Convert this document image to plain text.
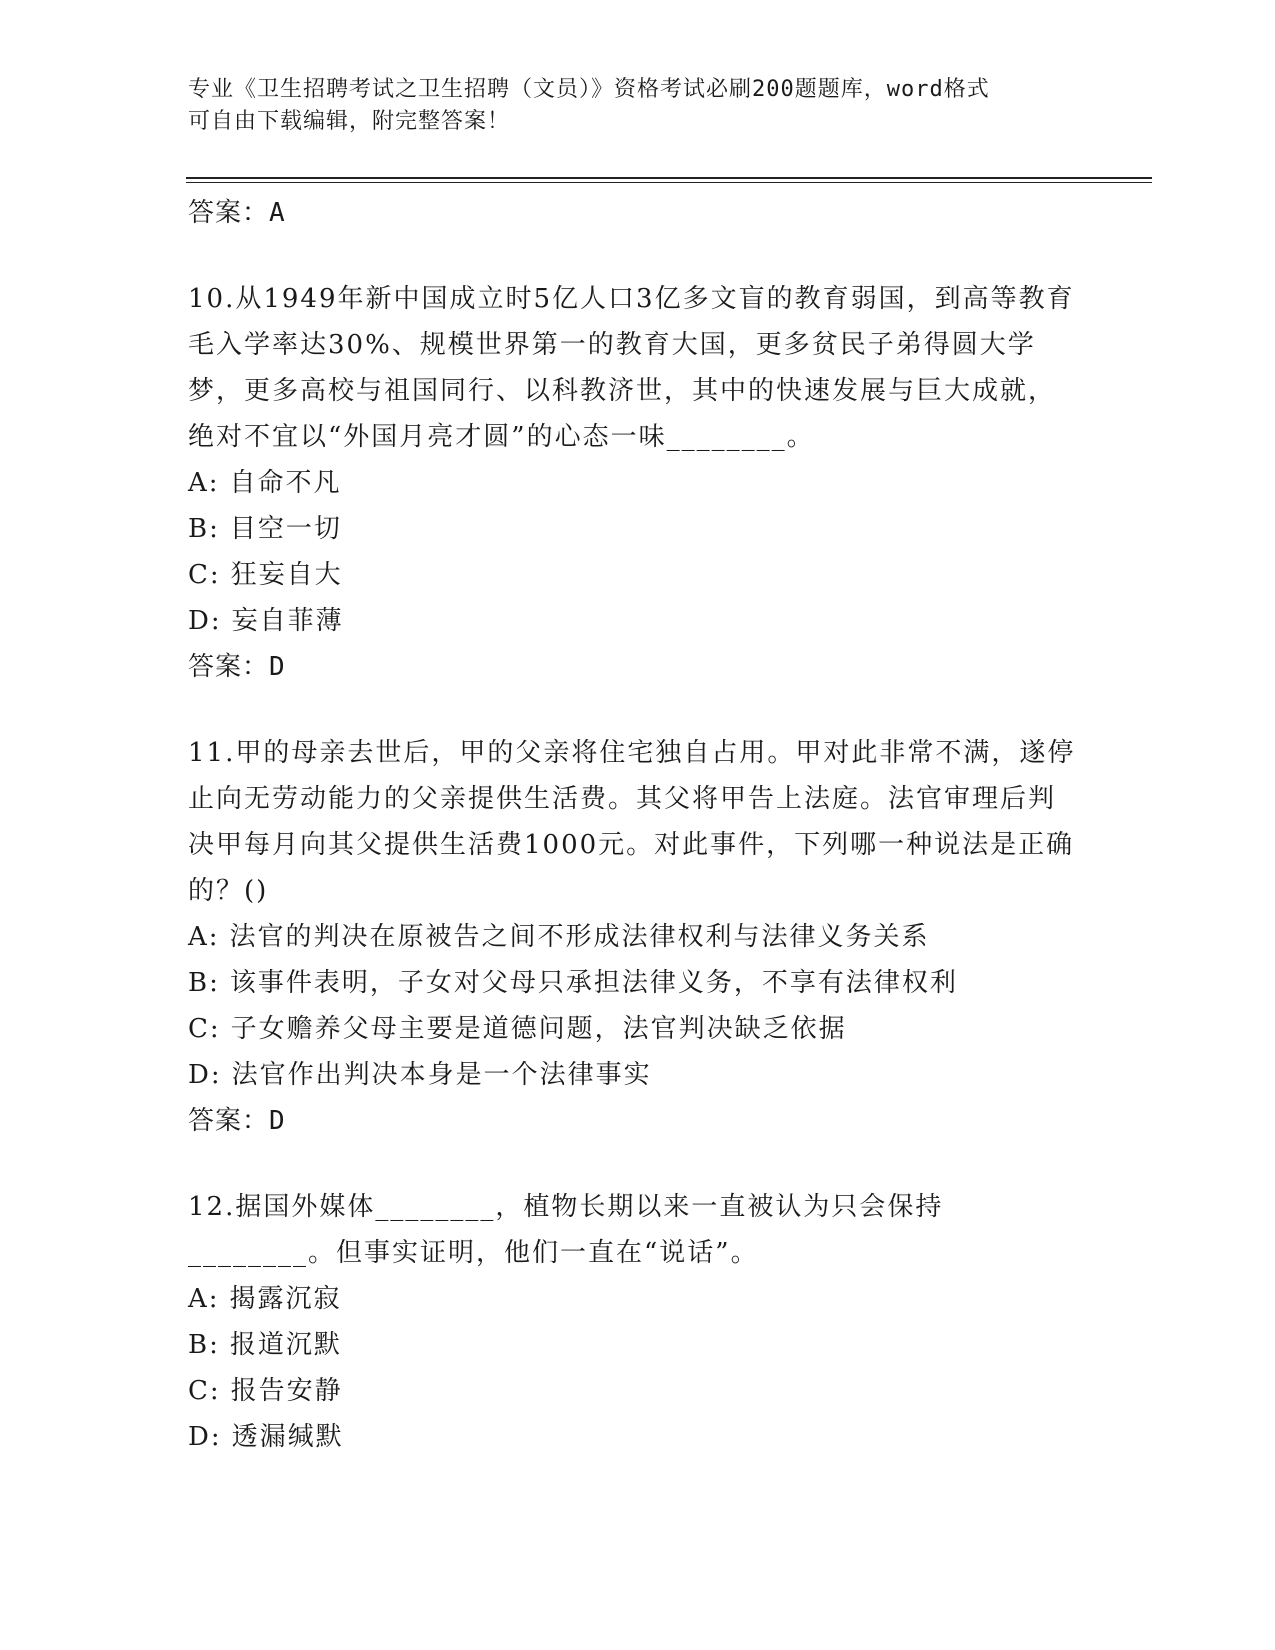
专业《卫生招聘考试之卫生招聘（文员）》资格考试必刷200题题库，word格式
可自由下载编辑，附完整答案！

答案：A

10.从1949年新中国成立时5亿人口3亿多文盲的教育弱国，到高等教育毛入学率达30%、规模世界第一的教育大国，更多贫民子弟得圆大学梦，更多高校与祖国同行、以科教济世，其中的快速发展与巨大成就，绝对不宜以“外国月亮才圆”的心态一味________。

A: 自命不凡

B: 目空一切

C: 狂妄自大

D: 妄自菲薄

答案：D

11.甲的母亲去世后，甲的父亲将住宅独自占用。甲对此非常不满，遂停止向无劳动能力的父亲提供生活费。其父将甲告上法庭。法官审理后判决甲每月向其父提供生活费1000元。对此事件，下列哪一种说法是正确的？()

A: 法官的判决在原被告之间不形成法律权利与法律义务关系

B: 该事件表明，子女对父母只承担法律义务，不享有法律权利

C: 子女赡养父母主要是道德问题，法官判决缺乏依据

D: 法官作出判决本身是一个法律事实

答案：D

12.据国外媒体________，植物长期以来一直被认为只会保持________。但事实证明，他们一直在“说话”。

A: 揭露沉寂

B: 报道沉默

C: 报告安静

D: 透漏缄默
